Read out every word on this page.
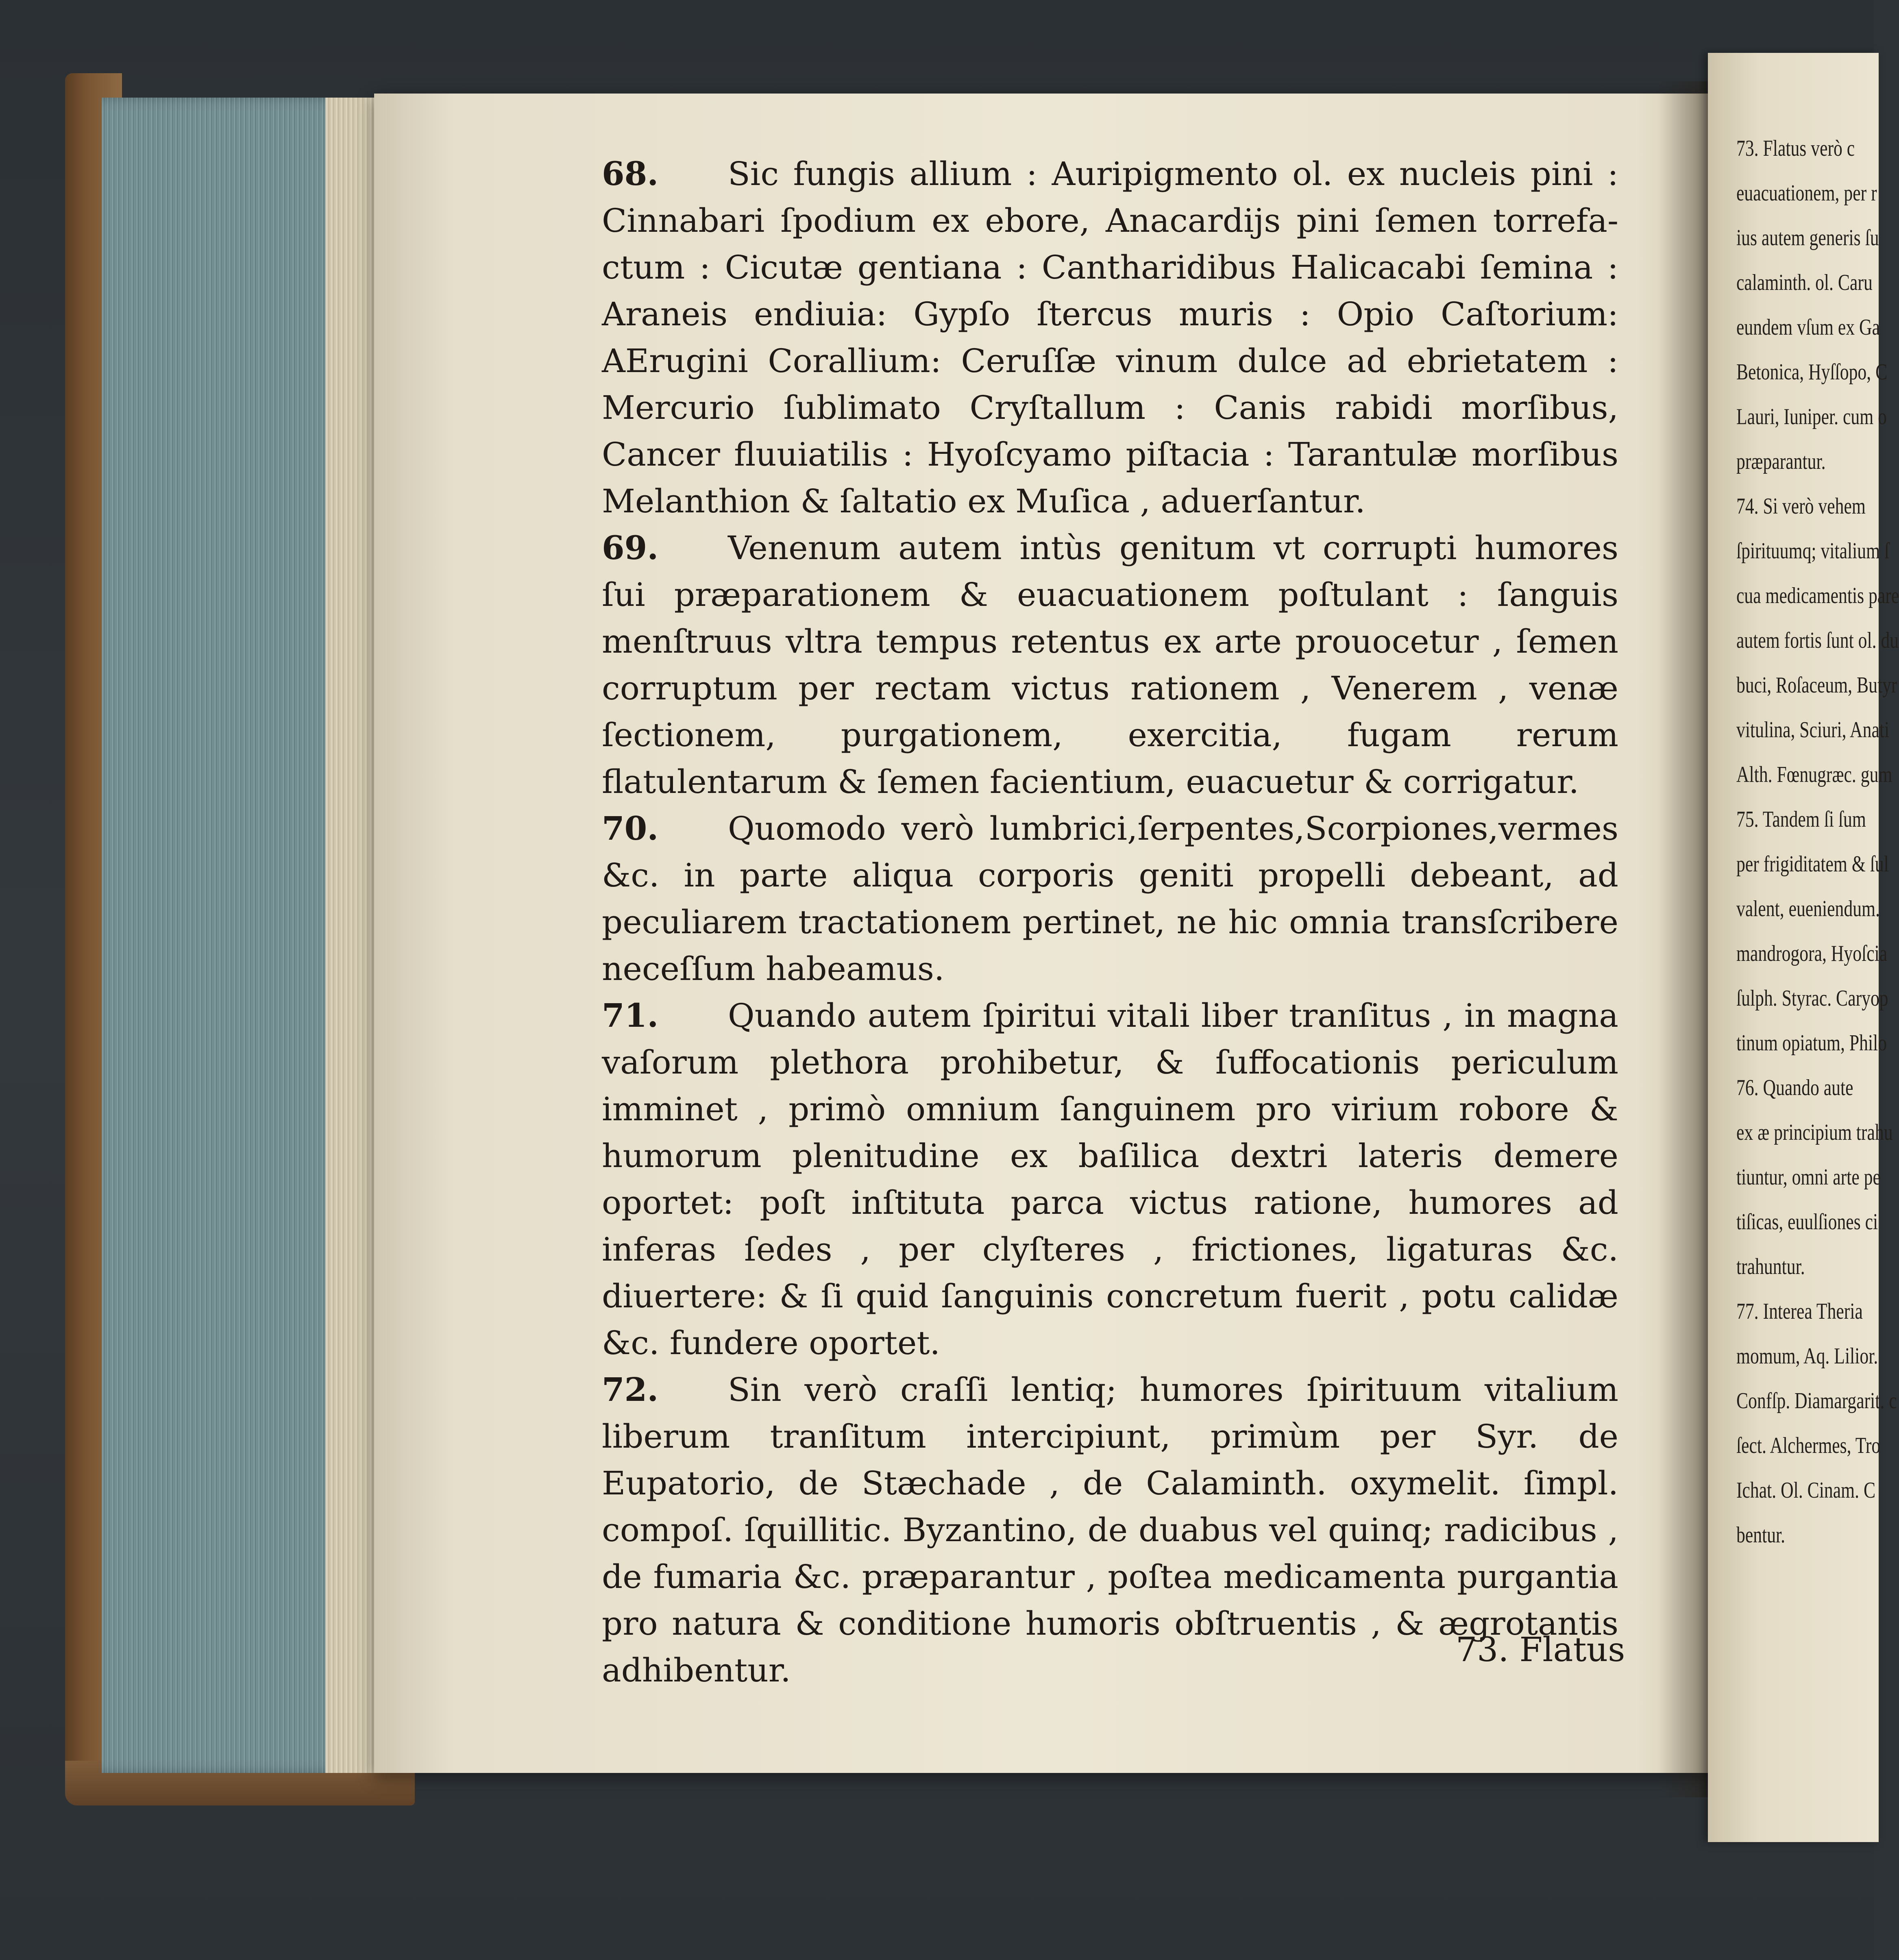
68. Sic fungis allium : Auripigmento ol. ex nucleis pini : Cinnabari ſpodium ex ebore, Anacardijs pini ſemen torrefa-ctum : Cicutæ gentiana : Cantharidibus Halicacabi ſemina : Araneis endiuia: Gypſo ſtercus muris : Opio Caſtorium: AErugini Corallium: Ceruſſæ vinum dulce ad ebrietatem : Mercurio ſublimato Cryſtallum : Canis rabidi morſibus, Cancer fluuiatilis : Hyoſcyamo piſtacia : Tarantulæ morſibus Melanthion & ſaltatio ex Muſica , aduerſantur.

69. Venenum autem intùs genitum vt corrupti humores ſui præparationem & euacuationem poſtulant : ſanguis menſtruus vltra tempus retentus ex arte prouocetur , ſemen corruptum per rectam victus rationem , Venerem , venæ ſectionem, purgationem, exercitia, fugam rerum flatulentarum & ſemen facientium, euacuetur & corrigatur.

70. Quomodo verò lumbrici,ſerpentes,Scorpiones,vermes &c. in parte aliqua corporis geniti propelli debeant, ad peculiarem tractationem pertinet, ne hic omnia transſcribere neceſſum habeamus.

71. Quando autem ſpiritui vitali liber tranſitus , in magna vaſorum plethora prohibetur, & ſuffocationis periculum imminet , primò omnium ſanguinem pro virium robore & humorum plenitudine ex baſilica dextri lateris demere oportet: poſt inſtituta parca victus ratione, humores ad inferas ſedes , per clyſteres , frictiones, ligaturas &c. diuertere: & ſi quid ſanguinis concretum fuerit , potu calidæ &c. fundere oportet.

72. Sin verò craſſi lentiq; humores ſpirituum vitalium liberum tranſitum intercipiunt, primùm per Syr. de Eupatorio, de Stæchade , de Calaminth. oxymelit. ſimpl. compoſ. ſquillitic. Byzantino, de duabus vel quinq; radicibus , de fumaria &c. præparantur , poſtea medicamenta purgantia pro natura & conditione humoris obſtruentis , & ægrotantis adhibentur.

73. Flatus
73. Flatus verò c
euacuationem, per r
ius autem generis ſu
calaminth. ol. Caru
eundem vſum ex Ga
Betonica, Hyſſopo, C
Lauri, Iuniper. cum o
præparantur.
74. Si verò vehem
ſpirituumq; vitalium ſ
cua medicamentis pare
autem fortis ſunt ol. du
buci, Roſaceum, Butyr
vitulina, Sciuri, Anati
Alth. Fœnugræc. gum
75. Tandem ſi ſum
per frigiditatem & ſul
valent, eueniendum.
mandrogora, Hyoſcia
ſulph. Styrac. Caryop
tinum opiatum, Philo
76. Quando aute
ex æ principium trahu
tiuntur, omni arte pe
tiſicas, euulſiones ci
trahuntur.
77. Interea Theria
momum, Aq. Lilior.
Confſp. Diamargarit. c
ſect. Alchermes, Tro
Ichat. Ol. Cinam. C
bentur.
